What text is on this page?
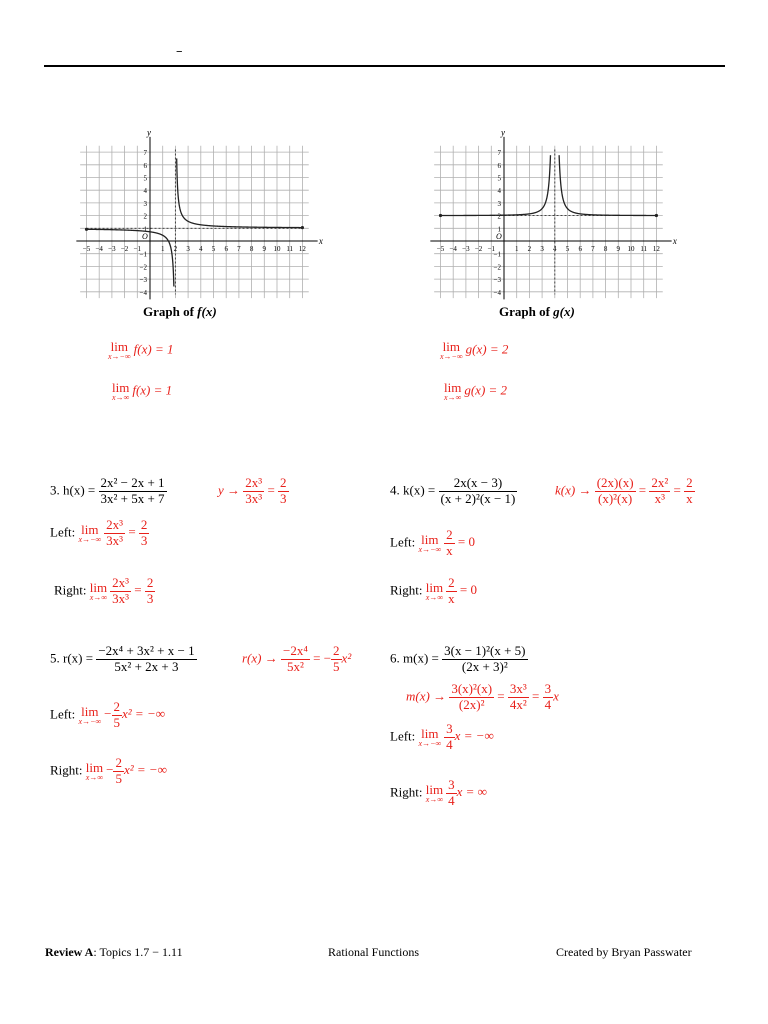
–
x
y
O
−5 −4 −3 −2 −1	1 2 3 4 5 6 7 8 9 10 11 12
7
6
5
4
3
2
1
−1
−2
−3
−4
Graph of f(x)
x
y
O
−5 −4 −3 −2 −1	1 2 3 4 5 6 7 8 9 10 11 12
7
6
5
4
3
2
1
−1
−2
−3
−4
Graph of g(x)
lim
x→−∞
f(x) = 1
lim
x→∞
f(x) = 1
lim
x→−∞
g(x) = 2
lim
x→∞
g(x) = 2
3. $h(x) = \frac{\text{2x² − 2x + 1}}{\text{3x² + 5x + 7}}$	$y \to \frac{\text{2x³}}{\text{3x³}} = \frac{2}{3}$
Left: lim
$x\to-\infty \frac{\text{2x³}}{\text{3x³}} = \frac{2}{3}$
Right: lim
$x\to\infty \frac{\text{2x³}}{\text{3x³}} = \frac{2}{3}$
4. $k(x) = \frac{2x(x - 3)}{\text{(x + 2)²(x − 1)}}$	$k(x) \to \frac{(2x)(x)}{\text{(x)²(x)}} = \frac{\text{2x²}}{\text{x³}} = \frac{2}{x}$
Left: lim
$x\to-\infty \frac{2}{x} = 0$
Right: lim
$x\to\infty \frac{2}{x} = 0$
5. $r(x) = \frac{\text{−2x⁴ + 3x² + x − 1}}{\text{5x² + 2x + 3}}$	$r(x) \to \frac{\text{−2x⁴}}{\text{5x²}}$ = − $\frac{2}{5} x^2$
Left: lim
x→−∞
− $\frac{2}{5} x^2$ = −∞
Right: lim
x→∞
− $\frac{2}{5} x^2$ = −∞
6. $m(x) = \frac{\text{3(x − 1)²(x + 5)}}{\text{(2x + 3)²}}$
$m(x) \to \frac{\text{3(x)²(x)}}{\text{(2x)²}} = \frac{\text{3x³}}{\text{4x²}} = \frac{3}{4}$ x
Left: lim
$x\to-\infty \frac{3}{4}$ x = −∞
Right: lim
$x\to\infty \frac{3}{4}$ x = ∞
Review A: Topics 1.7 − 1.11	Rational Functions	Created by Bryan Passwater
